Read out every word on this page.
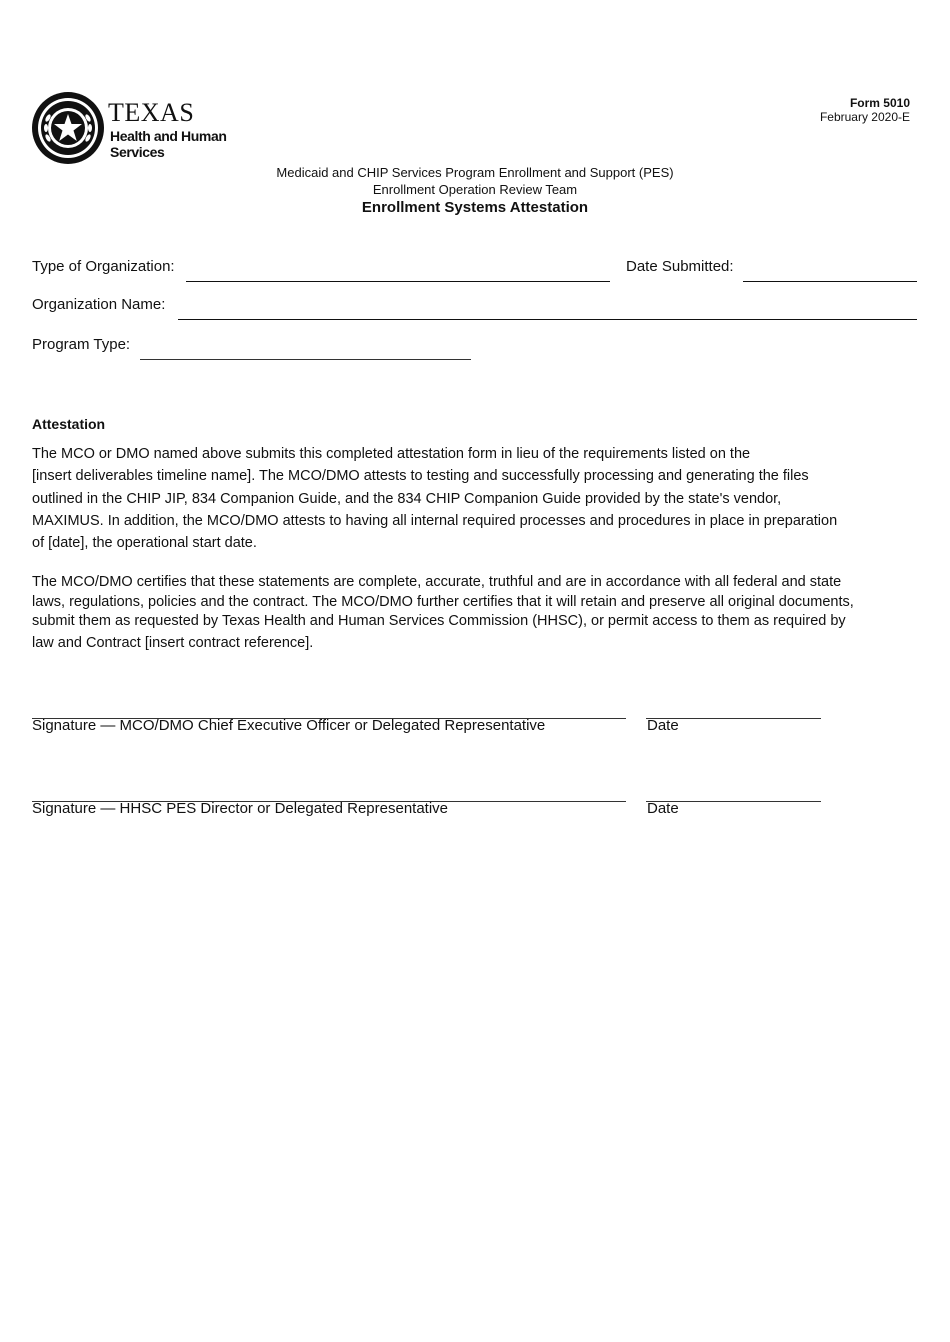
TEXAS
Health and Human
Services
Form 5010
February 2020-E
Medicaid and CHIP Services Program Enrollment and Support (PES)
Enrollment Operation Review Team
Enrollment Systems Attestation
Type of Organization:	Date Submitted:
Organization Name:
Program Type:
Attestation
The MCO or DMO named above submits this completed attestation form in lieu of the requirements listed on the
[insert deliverables timeline name]. The MCO/DMO attests to testing and successfully processing and generating the files
outlined in the CHIP JIP, 834 Companion Guide, and the 834 CHIP Companion Guide provided by the state's vendor,
MAXIMUS. In addition, the MCO/DMO attests to having all internal required processes and procedures in place in preparation
of [date], the operational start date.
The MCO/DMO certifies that these statements are complete, accurate, truthful and are in accordance with all federal and state
laws, regulations, policies and the contract. The MCO/DMO further certifies that it will retain and preserve all original documents,
submit them as requested by Texas Health and Human Services Commission (HHSC), or permit access to them as required by
law and Contract [insert contract reference].
Signature — MCO/DMO Chief Executive Officer or Delegated Representative	Date
Signature — HHSC PES Director or Delegated Representative	Date
